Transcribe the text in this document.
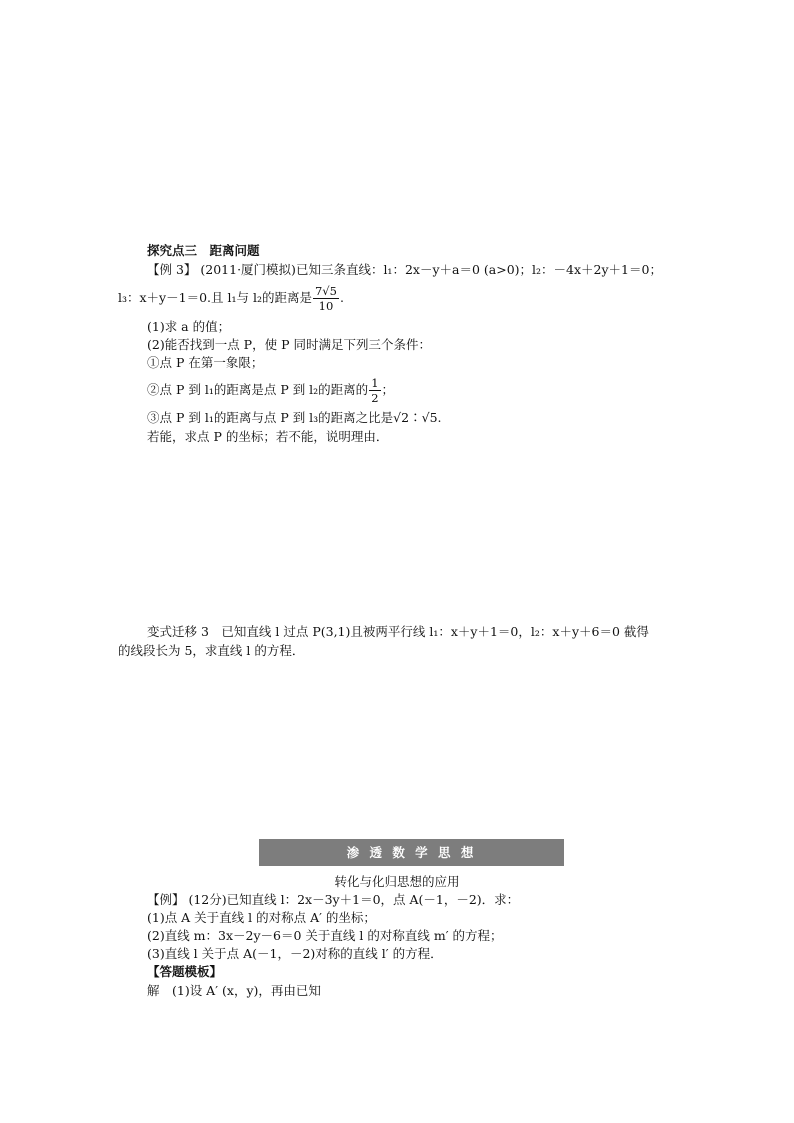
探究点三　距离问题
【例 3】 (2011·厦门模拟)已知三条直线：l₁：2x－y＋a＝0 (a>0)；l₂：－4x＋2y＋1＝0；
l₃：x＋y－1＝0.且 l₁与 l₂的距离是 $\frac{7√5}{10}$ .
(1)求 a 的值；
(2)能否找到一点 P，使 P 同时满足下列三个条件：
①点 P 在第一象限；
②点 P 到 l₁的距离是点 P 到 l₂的距离的 $\frac{1}{2}$ ；
③点 P 到 l₁的距离与点 P 到 l₃的距离之比是√2∶√5.
若能，求点 P 的坐标；若不能，说明理由．
变式迁移 3　已知直线 l 过点 P(3,1)且被两平行线 l₁：x＋y＋1＝0，l₂：x＋y＋6＝0 截得
的线段长为 5，求直线 l 的方程．
渗 透 数 学 思 想
转化与化归思想的应用
【例】 (12分)已知直线 l：2x－3y＋1＝0，点 A(－1，－2)．求：
(1)点 A 关于直线 l 的对称点 A′ 的坐标；
(2)直线 m：3x－2y－6＝0 关于直线 l 的对称直线 m′ 的方程；
(3)直线 l 关于点 A(－1，－2)对称的直线 l′ 的方程．
【答题模板】
解　(1)设 A′ (x，y)，再由已知
